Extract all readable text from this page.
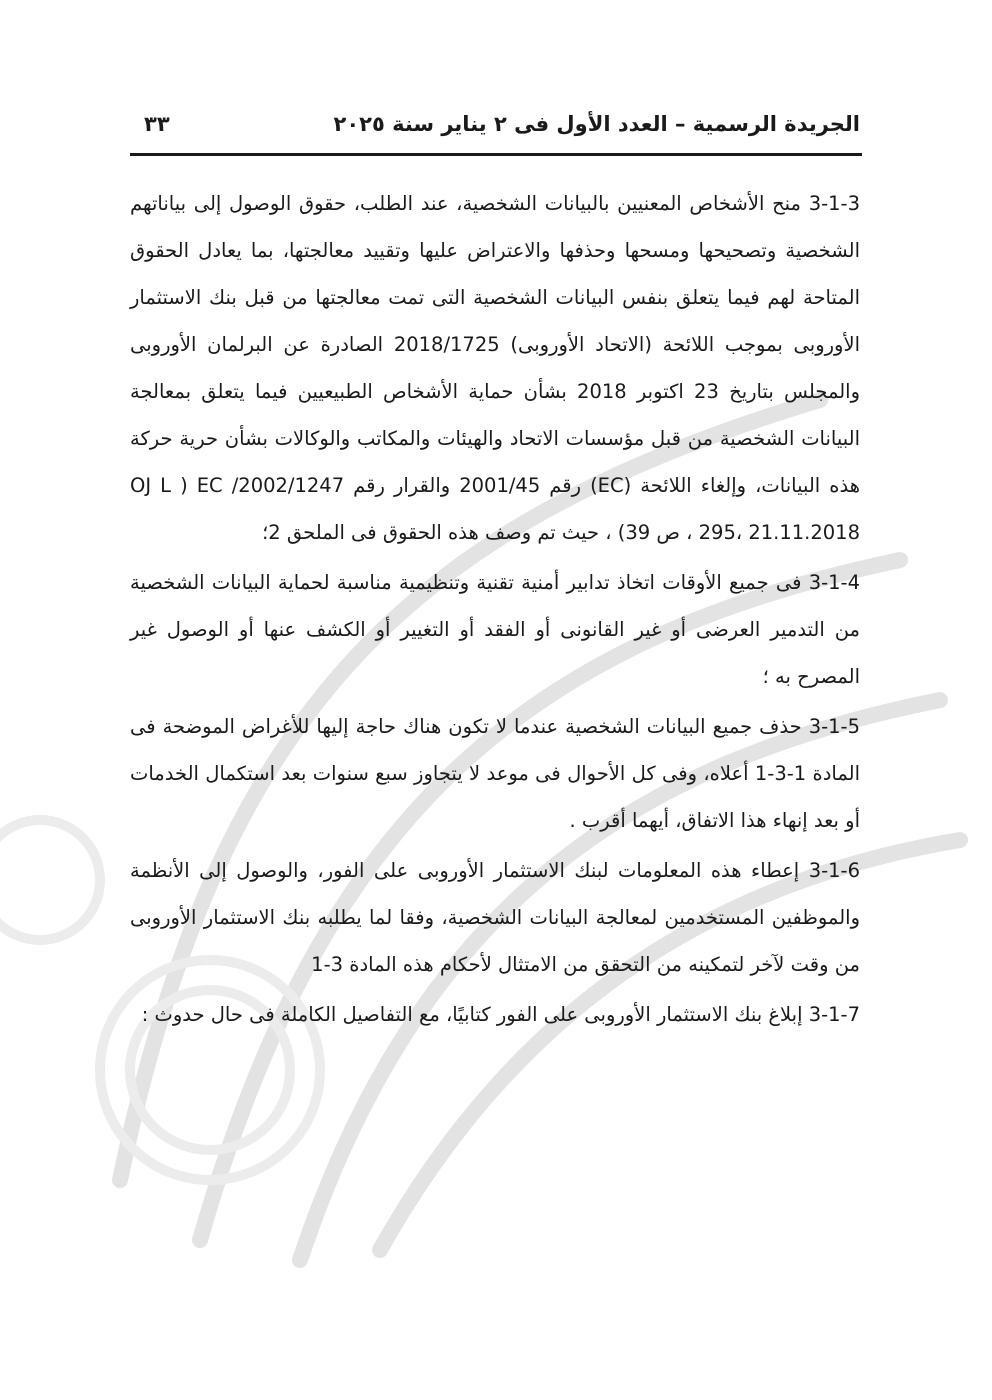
الجريدة الرسمية – العدد الأول فى ٢ يناير سنة ٢٠٢٥
٣٣

3-1-3 منح الأشخاص المعنيين بالبيانات الشخصية، عند الطلب، حقوق الوصول إلى بياناتهم الشخصية وتصحيحها ومسحها وحذفها والاعتراض عليها وتقييد معالجتها، بما يعادل الحقوق المتاحة لهم فيما يتعلق بنفس البيانات الشخصية التى تمت معالجتها من قبل بنك الاستثمار الأوروبى بموجب اللائحة (الاتحاد الأوروبى) 2018/1725 الصادرة عن البرلمان الأوروبى والمجلس بتاريخ 23 اكتوبر 2018 بشأن حماية الأشخاص الطبيعيين فيما يتعلق بمعالجة البيانات الشخصية من قبل مؤسسات الاتحاد والهيئات والمكاتب والوكالات بشأن حرية حركة هذه البيانات، وإلغاء اللائحة (EC) رقم 2001/45 والقرار رقم 2002/1247/ EC ( OJ L 295، 21.11.2018 ، ص 39) ، حيث تم وصف هذه الحقوق فى الملحق 2؛

3-1-4 فى جميع الأوقات اتخاذ تدابير أمنية تقنية وتنظيمية مناسبة لحماية البيانات الشخصية من التدمير العرضى أو غير القانونى أو الفقد أو التغيير أو الكشف عنها أو الوصول غير المصرح به ؛

3-1-5 حذف جميع البيانات الشخصية عندما لا تكون هناك حاجة إليها للأغراض الموضحة فى المادة 1-3-1 أعلاه، وفى كل الأحوال فى موعد لا يتجاوز سبع سنوات بعد استكمال الخدمات أو بعد إنهاء هذا الاتفاق، أيهما أقرب .

3-1-6 إعطاء هذه المعلومات لبنك الاستثمار الأوروبى على الفور، والوصول إلى الأنظمة والموظفين المستخدمين لمعالجة البيانات الشخصية، وفقا لما يطلبه بنك الاستثمار الأوروبى من وقت لآخر لتمكينه من التحقق من الامتثال لأحكام هذه المادة 3-1

3-1-7 إبلاغ بنك الاستثمار الأوروبى على الفور كتابيًا، مع التفاصيل الكاملة فى حال حدوث :
